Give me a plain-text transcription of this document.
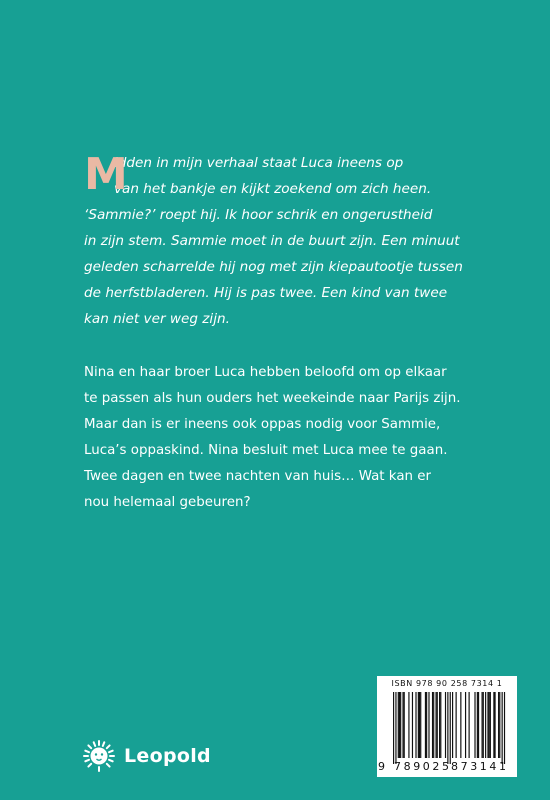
M
idden in mijn verhaal staat Luca ineens op
van het bankje en kijkt zoekend om zich heen.
‘Sammie?’ roept hij. Ik hoor schrik en ongerustheid
in zijn stem. Sammie moet in de buurt zijn. Een minuut
geleden scharrelde hij nog met zijn kiepautootje tussen
de herfstbladeren. Hij is pas twee. Een kind van twee
kan niet ver weg zijn.
Nina en haar broer Luca hebben beloofd om op elkaar
te passen als hun ouders het weekeinde naar Parijs zijn.
Maar dan is er ineens ook oppas nodig voor Sammie,
Luca’s oppaskind. Nina besluit met Luca mee te gaan.
Twee dagen en twee nachten van huis… Wat kan er
nou helemaal gebeuren?
Leopold
ISBN 978 90 258 7314 1
9 789025 873141
